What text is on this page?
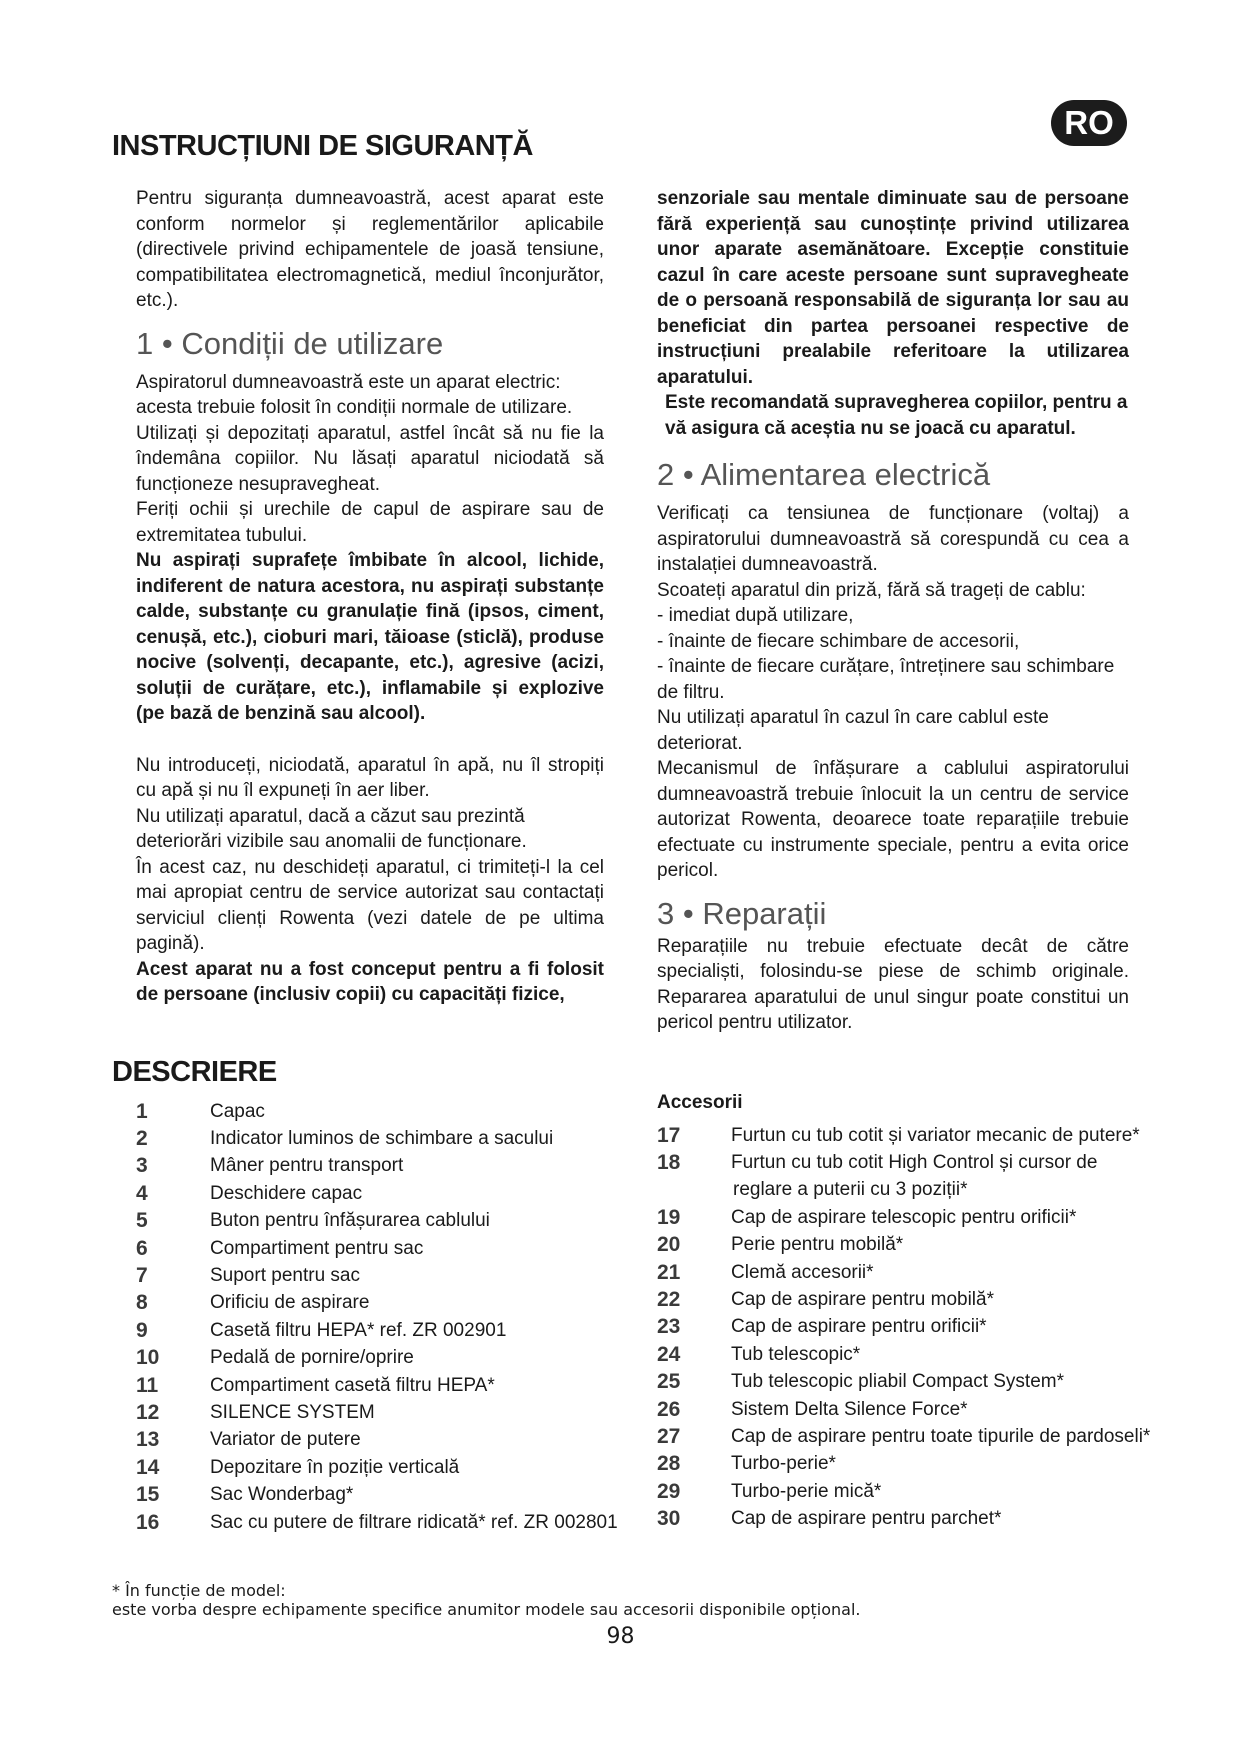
RO
INSTRUCȚIUNI DE SIGURANȚĂ

Pentru siguranța dumneavoastră, acest aparat este conform normelor și reglementărilor aplicabile (directivele privind echipamentele de joasă tensiune, compatibilitatea electromagnetică, mediul înconjurător, etc.).

1 • Condiții de utilizare

Aspiratorul dumneavoastră este un aparat electric: acesta trebuie folosit în condiții normale de utilizare.

Utilizați și depozitați aparatul, astfel încât să nu fie la îndemâna copiilor. Nu lăsați aparatul niciodată să funcționeze nesupravegheat.

Feriți ochii și urechile de capul de aspirare sau de extremitatea tubului.

Nu aspirați suprafețe îmbibate în alcool, lichide, indiferent de natura acestora, nu aspirați substanțe calde, substanțe cu granulație fină (ipsos, ciment, cenușă, etc.), cioburi mari, tăioase (sticlă), produse nocive (solvenți, decapante, etc.), agresive (acizi, soluții de curățare, etc.), inflamabile și explozive (pe bază de benzină sau alcool).

Nu introduceți, niciodată, aparatul în apă, nu îl stropiți cu apă și nu îl expuneți în aer liber.

Nu utilizați aparatul, dacă a căzut sau prezintă deteriorări vizibile sau anomalii de funcționare.

În acest caz, nu deschideți aparatul, ci trimiteți-l la cel mai apropiat centru de service autorizat sau contactați serviciul clienți Rowenta (vezi datele de pe ultima pagină).

Acest aparat nu a fost conceput pentru a fi folosit de persoane (inclusiv copii) cu capacități fizice,

senzoriale sau mentale diminuate sau de persoane fără experiență sau cunoștințe privind utilizarea unor aparate asemănătoare. Excepție constituie cazul în care aceste persoane sunt supravegheate de o persoană responsabilă de siguranța lor sau au beneficiat din partea persoanei respective de instrucțiuni prealabile referitoare la utilizarea aparatului.

Este recomandată supravegherea copiilor, pentru a vă asigura că aceștia nu se joacă cu aparatul.

2 • Alimentarea electrică

Verificați ca tensiunea de funcționare (voltaj) a aspiratorului dumneavoastră să corespundă cu cea a instalației dumneavoastră.

Scoateți aparatul din priză, fără să trageți de cablu:

- imediat după utilizare,

- înainte de fiecare schimbare de accesorii,

- înainte de fiecare curățare, întreținere sau schimbare de filtru.

Nu utilizați aparatul în cazul în care cablul este deteriorat.

Mecanismul de înfășurare a cablului aspiratorului dumneavoastră trebuie înlocuit la un centru de service autorizat Rowenta, deoarece toate reparațiile trebuie efectuate cu instrumente speciale, pentru a evita orice pericol.

3 • Reparații

Reparațiile nu trebuie efectuate decât de către specialiști, folosindu-se piese de schimb originale. Repararea aparatului de unul singur poate constitui un pericol pentru utilizator.

DESCRIERE
1	Capac
2	Indicator luminos de schimbare a sacului
3	Mâner pentru transport
4	Deschidere capac
5	Buton pentru înfășurarea cablului
6	Compartiment pentru sac
7	Suport pentru sac
8	Orificiu de aspirare
9	Casetă filtru HEPA* ref. ZR 002901
10	Pedală de pornire/oprire
11	Compartiment casetă filtru HEPA*
12	SILENCE SYSTEM
13	Variator de putere
14	Depozitare în poziție verticală
15	Sac Wonderbag*
16	Sac cu putere de filtrare ridicată* ref. ZR 002801
Accesorii
17	Furtun cu tub cotit și variator mecanic de putere*
18	Furtun cu tub cotit High Control și cursor de
reglare a puterii cu 3 poziții*
19	Cap de aspirare telescopic pentru orificii*
20	Perie pentru mobilă*
21	Clemă accesorii*
22	Cap de aspirare pentru mobilă*
23	Cap de aspirare pentru orificii*
24	Tub telescopic*
25	Tub telescopic pliabil Compact System*
26	Sistem Delta Silence Force*
27	Cap de aspirare pentru toate tipurile de pardoseli*
28	Turbo-perie*
29	Turbo-perie mică*
30	Cap de aspirare pentru parchet*
* În funcție de model:
este vorba despre echipamente specifice anumitor modele sau accesorii disponibile opțional.
98
